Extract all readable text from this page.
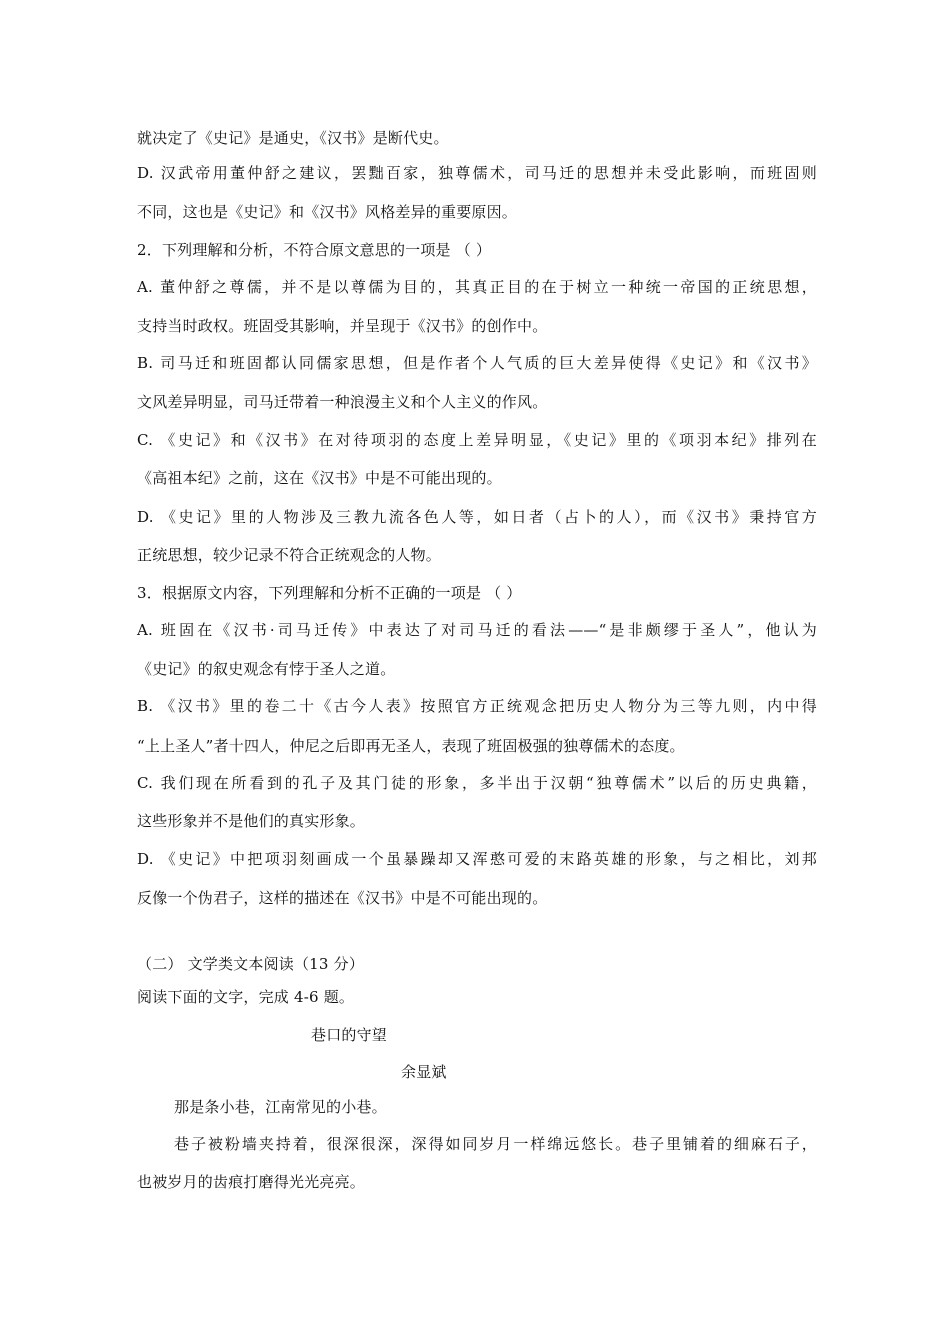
就决定了《史记》是通史，《汉书》是断代史。
D. 汉武帝用董仲舒之建议，罢黜百家，独尊儒术，司马迁的思想并未受此影响，而班固则
不同，这也是《史记》和《汉书》风格差异的重要原因。
2．下列理解和分析，不符合原文意思的一项是 （ ）
A. 董仲舒之尊儒，并不是以尊儒为目的，其真正目的在于树立一种统一帝国的正统思想，
支持当时政权。班固受其影响，并呈现于《汉书》的创作中。
B. 司马迁和班固都认同儒家思想，但是作者个人气质的巨大差异使得《史记》和《汉书》
文风差异明显，司马迁带着一种浪漫主义和个人主义的作风。
C. 《史记》和《汉书》在对待项羽的态度上差异明显，《史记》里的《项羽本纪》排列在
《高祖本纪》之前，这在《汉书》中是不可能出现的。
D. 《史记》里的人物涉及三教九流各色人等，如日者（占卜的人），而《汉书》秉持官方
正统思想，较少记录不符合正统观念的人物。
3．根据原文内容，下列理解和分析不正确的一项是 （ ）
A. 班固在《汉书·司马迁传》中表达了对司马迁的看法——“是非颇缪于圣人”，他认为
《史记》的叙史观念有悖于圣人之道。
B. 《汉书》里的卷二十《古今人表》按照官方正统观念把历史人物分为三等九则，内中得
“上上圣人”者十四人，仲尼之后即再无圣人，表现了班固极强的独尊儒术的态度。
C. 我们现在所看到的孔子及其门徒的形象，多半出于汉朝“独尊儒术”以后的历史典籍，
这些形象并不是他们的真实形象。
D. 《史记》中把项羽刻画成一个虽暴躁却又浑憨可爱的末路英雄的形象，与之相比，刘邦
反像一个伪君子，这样的描述在《汉书》中是不可能出现的。
（二） 文学类文本阅读（13 分）
阅读下面的文字，完成 4-6 题。
巷口的守望
余显斌
那是条小巷，江南常见的小巷。
巷子被粉墙夹持着，很深很深，深得如同岁月一样绵远悠长。巷子里铺着的细麻石子，
也被岁月的齿痕打磨得光光亮亮。
